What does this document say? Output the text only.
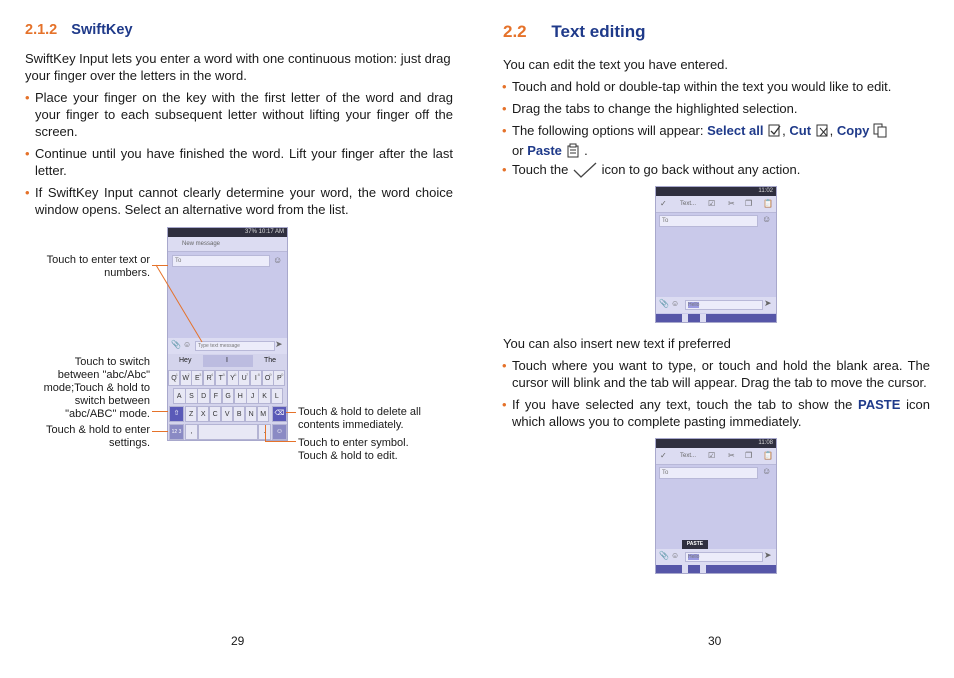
2.1.2 SwiftKey
SwiftKey Input lets you enter a word with one continuous motion: just drag your finger over the letters in the word.
• Place your finger on the key with the first letter of the word and drag your finger to each subsequent letter without lifting your finger off the screen.
• Continue until you have finished the word. Lift your finger after the last letter.
• If SwiftKey Input cannot clearly determine your word, the word choice window opens. Select an alternative word from the list.
37% 10:17 AM
New message
To	☺
📎 ☺	Type text message	➤
Hey	I	The
Q
1
W
2
E
3
R
4
T
5
Y
6
U
7
I
8
O
9
P
0
A	S	D	F	G H	J	K	L
⇧	Z	X	C	V	B	N M	⌫
12 3	,	☺
Touch to enter text or numbers.
Touch to switch between "abc/Abc" mode;Touch & hold to switch between "abc/ABC" mode.
Touch & hold to enter settings.
Touch & hold to delete all contents immediately.
Touch to enter symbol. Touch & hold to edit.
29
2.2 Text editing
You can edit the text you have entered.
• Touch and hold or double-tap within the text you would like to edit.
• Drag the tabs to change the highlighted selection.
• The following options will appear: Select all , Cut , Copy
or Paste .
• Touch the	icon to go back without any action.
11:02
✓ Text... ☑ ✂ ❐ 📋
To	☺
📎 ☺	Hello	➤
You can also insert new text if preferred
• Touch where you want to type, or touch and hold the blank area. The cursor will blink and the tab will appear. Drag the tab to move the cursor.
• If you have selected any text, touch the tab to show the PASTE icon which allows you to complete pasting immediately.
11:08
✓ Text... ☑ ✂ ❐ 📋
To	☺
PASTE
📎 ☺	Hello	➤
30
